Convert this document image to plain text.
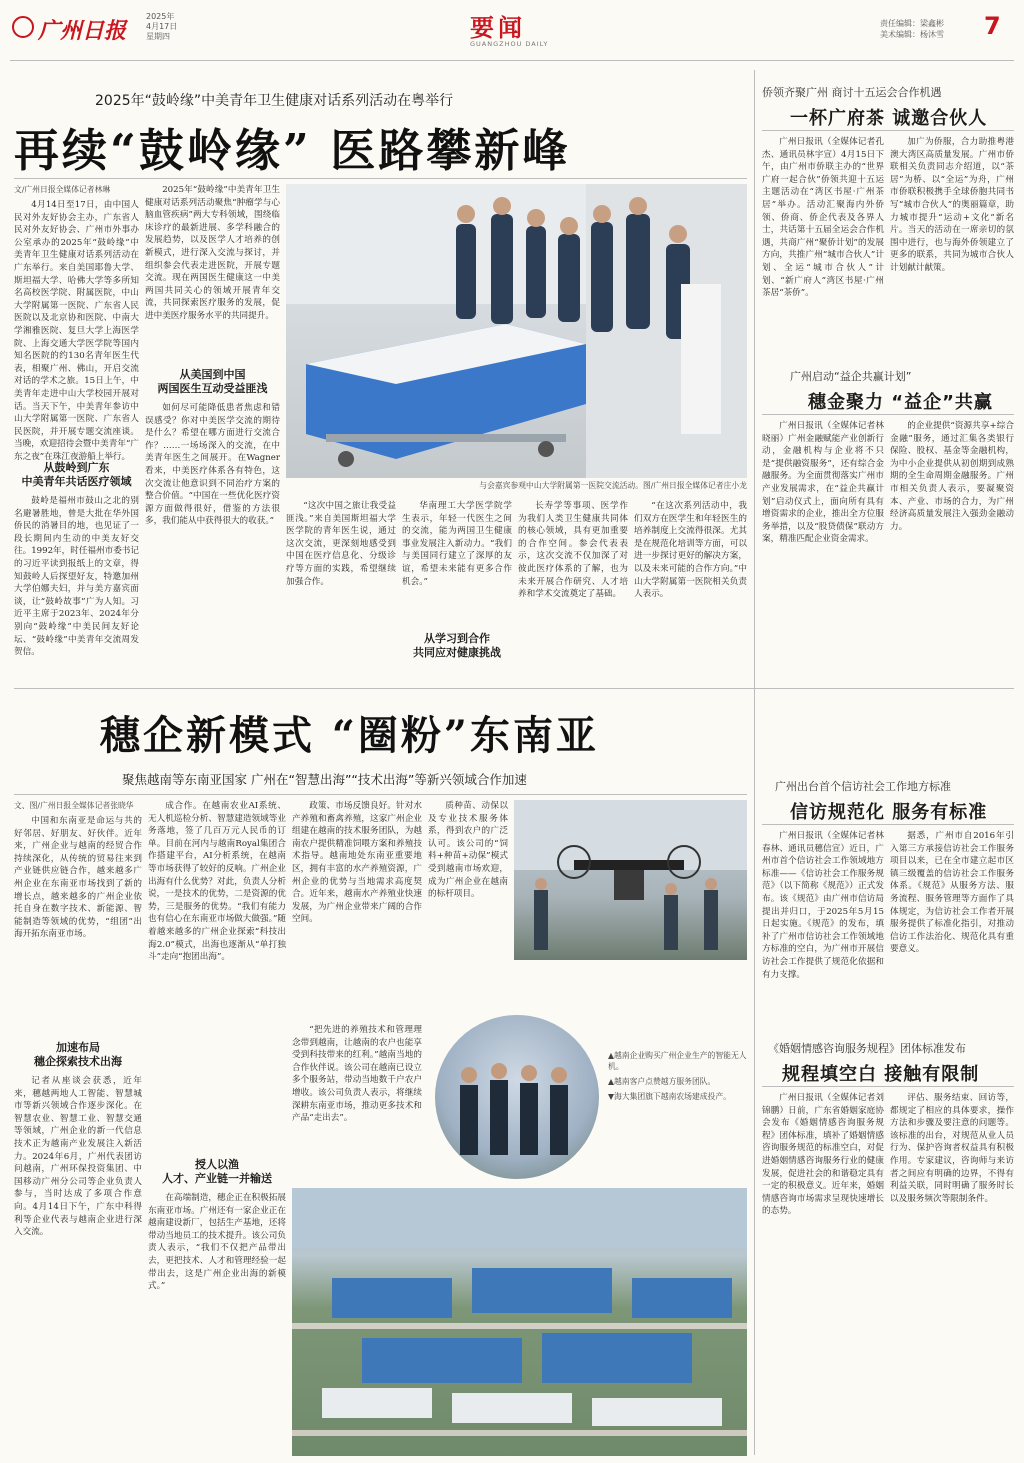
广州日报
2025年
4月17日
星期四	要闻
GUANGZHOU DAILY
责任编辑：梁鑫彬
美术编辑：杨沐雪 7
2025年“鼓岭缘”中美青年卫生健康对话系列活动在粤举行
再续“鼓岭缘” 医路攀新峰
文/广州日报全媒体记者林琳
4月14日至17日，由中国人民对外友好协会主办，广东省人民对外友好协会、广州市外事办公室承办的2025年“鼓岭缘”中美青年卫生健康对话系列活动在广东举行。来自美国耶鲁大学、斯坦福大学、哈佛大学等多所知名高校医学院、附属医院，中山大学附属第一医院、广东省人民医院以及北京协和医院、中南大学湘雅医院、复旦大学上海医学院、上海交通大学医学院等国内知名医院的约130名青年医生代表，相聚广州、佛山，开启交流对话的学术之旅。15日上午，中美青年走进中山大学校园开展对话。当天下午，中美青年参访中山大学附属第一医院、广东省人民医院，并开展专题交流座谈。当晚，欢迎招待会暨中美青年“广东之夜”在珠江夜游船上举行。
从鼓岭到广东
中美青年共话医疗领域
鼓岭是福州市鼓山之北的别名避暑胜地，曾是大批在华外国侨民的消暑目的地，也见证了一段长期间内生动的中美友好交往。1992年，时任福州市委书记的习近平读到报纸上的文章，得知鼓岭人后探望好友，特邀加州大学伯娜夫妇，并与美方嘉宾面谈，让“鼓岭故事”广为人知。习近平主席于2023年、2024年分别向“鼓岭缘”中美民间友好论坛、“鼓岭缘”中美青年交流周发贺信。
2025年“鼓岭缘”中美青年卫生健康对话系列活动聚焦“肿瘤学与心脑血管疾病”两大专科领域，围绕临床诊疗的最新进展、多学科融合的发展趋势，以及医学人才培养的创新模式，进行深入交流与探讨，并组织参会代表走进医院，开展专题交流。现在两国医生健康这一中美两国共同关心的领域开展青年交流，共同探索医疗服务的发展，促进中美医疗服务水平的共同提升。
从美国到中国
两国医生互动受益匪浅
如何尽可能降低患者焦虑和错误感受？你对中美医学交流的期待是什么？希望在哪方面进行交流合作？……一场场深入的交流，在中美青年医生之间展开。在Wagner看来，中美医疗体系各有特色，这次交流让他意识到不同治疗方案的整合价值。“中国在一些优化医疗资源方面做得很好，借鉴的方法很多，我们能从中获得很大的收获。”
与会嘉宾参观中山大学附属第一医院交流活动。图/广州日报全媒体记者庄小龙
“这次中国之旅让我受益匪浅。”来自美国斯坦福大学医学院的青年医生说，通过这次交流，更深刻地感受到中国在医疗信息化、分级诊疗等方面的实践，希望继续加强合作。
华南理工大学医学院学生表示，年轻一代医生之间的交流，能为两国卫生健康事业发展注入新动力。“我们与美国同行建立了深厚的友谊，希望未来能有更多合作机会。”
从学习到合作
共同应对健康挑战
长寿学等事项、医学作为我们人类卫生健康共同体的核心领域，具有更加重要的合作空间。参会代表表示，这次交流不仅加深了对彼此医疗体系的了解，也为未来开展合作研究、人才培养和学术交流奠定了基础。
“在这次系列活动中，我们双方在医学生和年轻医生的培养制度上交流得很深。尤其是在规范化培训等方面，可以进一步探讨更好的解决方案，以及未来可能的合作方向。”中山大学附属第一医院相关负责人表示。
侨领齐聚广州 商讨十五运会合作机遇
一杯广府茶 诚邀合伙人
广州日报讯（全媒体记者孔杰、通讯员林宇宣）4月15日下午，由广州市侨联主办的“世界广府一起合伙”侨领共迎十五运主题活动在“湾区书屋·广州茶居”举办。活动汇聚海内外侨领、侨商、侨企代表及各界人士，共话第十五届全运会合作机遇，共商广州“聚侨计划”的发展方向，共推广州“城市合伙人”计划、全运“城市合伙人”计划、“新广府人”湾区书屋·广州茶居“茶侨”。
加广为侨服，合力助推粤港澳大湾区高质量发展。广州市侨联相关负责同志介绍道，以“茶居”为桥、以“全运”为舟，广州市侨联积极携手全球侨胞共同书写“城市合伙人”的奥丽篇章，助力城市提升“运动+文化”新名片。当天的活动在一席亲切的氛围中进行，也与海外侨领建立了更多的联系，共同为城市合伙人计划献计献策。
广州启动“益企共赢计划”
穗金聚力 “益企”共赢
广州日报讯（全媒体记者林晓丽）广州金融赋能产业创新行动，金融机构与企业将不只是“提供融资服务”，还有综合金融服务。为全面贯彻落实广州市产业发展需求，在“益企共赢计划”启动仪式上，面向所有具有增资需求的企业，推出全方位服务举措，以及“股贷债保”联动方案，精准匹配企业资金需求。
的企业提供“资源共享+综合金融”服务，通过汇集各类银行保险、股权、基金等金融机构，为中小企业提供从初创期到成熟期的全生命周期金融服务。广州市相关负责人表示，要凝聚资本、产业、市场的合力，为广州经济高质量发展注入强劲金融动力。
穗企新模式 “圈粉”东南亚
聚焦越南等东南亚国家 广州在“智慧出海”“技术出海”等新兴领域合作加速
文、图/广州日报全媒体记者张晓华
中国和东南亚是命运与共的好邻居、好朋友、好伙伴。近年来，广州企业与越南的经贸合作持续深化，从传统的贸易往来到产业链供应链合作，越来越多广州企业在东南亚市场找到了新的增长点，越来越多的广州企业依托自身在数字技术、新能源、智能制造等领域的优势，“组团”出海开拓东南亚市场。
加速布局
穗企探索技术出海
记者从座谈会获悉，近年来，穗越两地人工智能、智慧城市等新兴领域合作逐步深化。在智慧农业、智慧工业、智慧交通等领域，广州企业的新一代信息技术正为越南产业发展注入新活力。2024年6月，广州代表团访问越南，广州环保投资集团、中国移动广州分公司等企业负责人参与，当时达成了多项合作意向。4月14日下午，广东中科得利等企业代表与越南企业进行深入交流。
成合作。在越南农业AI系统、无人机巡检分析、智慧建造领域等业务落地，签了几百万元人民币的订单。目前在河内与越南Royal集团合作搭建平台，AI分析系统，在越南等市场获得了较好的反响。广州企业出海有什么优势？对此，负责人分析说，一是技术的优势，二是资源的优势，三是服务的优势。“我们有能力也有信心在东南亚市场做大做强。”随着越来越多的广州企业探索“科技出海2.0”模式，出海也逐渐从“单打独斗”走向“抱团出海”。
授人以渔
人才、产业链一并输送
在高端制造，穗企正在积极拓展东南亚市场。广州还有一家企业正在越南建设新厂，包括生产基地，还将带动当地员工的技术提升。该公司负责人表示，“我们不仅把产品带出去，更把技术、人才和管理经验一起带出去，这是广州企业出海的新模式。”
政策、市场反馈良好。针对水产养殖和畜禽养殖，这家广州企业组建在越南的技术服务团队，为越南农户提供精准饲喂方案和养殖技术指导。越南地处东南亚重要地区，拥有丰富的水产养殖资源，广州企业的优势与当地需求高度契合。近年来，越南水产养殖业快速发展，为广州企业带来广阔的合作空间。
“把先进的养殖技术和管理理念带到越南，让越南的农户也能享受到科技带来的红利。”越南当地的合作伙伴说。该公司在越南已设立多个服务站，带动当地数千户农户增收。该公司负责人表示，将继续深耕东南亚市场，推动更多技术和产品“走出去”。
质种苗、动保以及专业技术服务体系，得到农户的广泛认可。该公司的“饲料+种苗+动保”模式受到越南市场欢迎，成为广州企业在越南的标杆项目。
▲越南企业购买广州企业生产的智能无人机。
▲越南客户点赞越方服务团队。
▼海大集团旗下越南农场建成投产。
广州出台首个信访社会工作地方标准
信访规范化 服务有标准
广州日报讯（全媒体记者林春林、通讯员穗信宣）近日，广州市首个信访社会工作领域地方标准——《信访社会工作服务规范》（以下简称《规范》）正式发布。该《规范》由广州市信访局提出并归口，于2025年5月15日起实施。《规范》的发布，填补了广州市信访社会工作领域地方标准的空白，为广州市开展信访社会工作提供了规范化依据和有力支撑。
据悉，广州市自2016年引入第三方承接信访社会工作服务项目以来，已在全市建立起市区镇三级覆盖的信访社会工作服务体系。《规范》从服务方法、服务流程、服务管理等方面作了具体规定，为信访社会工作者开展服务提供了标准化指引，对推动信访工作法治化、规范化具有重要意义。
《婚姻情感咨询服务规程》团体标准发布
规程填空白 接触有限制
广州日报讯（全媒体记者刘锦鹏）日前，广东省婚姻家庭协会发布《婚姻情感咨询服务规程》团体标准，填补了婚姻情感咨询服务规范的标准空白，对促进婚姻情感咨询服务行业的健康发展，促进社会的和谐稳定具有一定的积极意义。近年来，婚姻情感咨询市场需求呈现快速增长的态势。
评估、服务结束、回访等，都规定了相应的具体要求，操作方法和步骤及要注意的问题等。该标准的出台，对规范从业人员行为、保护咨询者权益具有积极作用。专家建议，咨询师与来访者之间应有明确的边界，不得有利益关联，同时明确了服务时长以及服务频次等限制条件。
